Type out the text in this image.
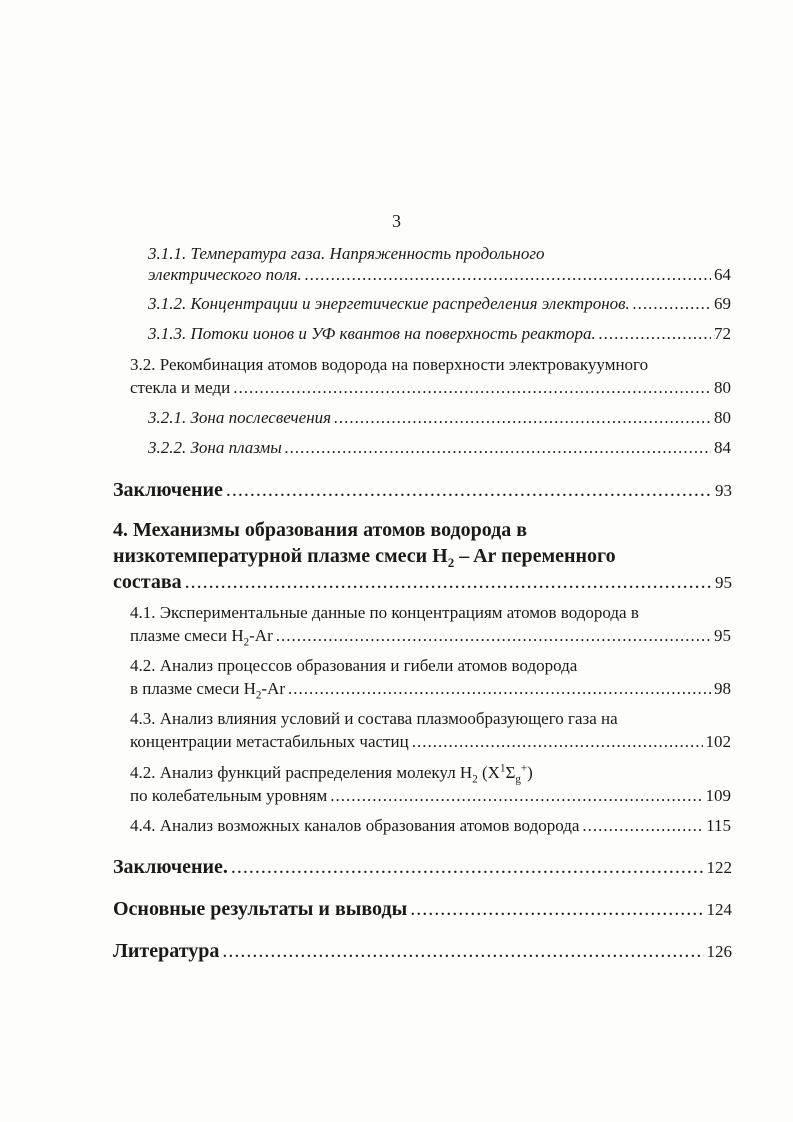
3
3.1.1. Температура газа. Напряженность продольного
электрического поля. .....	64
3.1.2. Концентрации и энергетические распределения электронов. .....	69
3.1.3. Потоки ионов и УФ квантов на поверхность реактора. .....	72
3.2. Рекомбинация атомов водорода на поверхности электровакуумного
стекла и меди .....	80
3.2.1. Зона послесвечения .....	80
3.2.2. Зона плазмы .....	84
Заключение .....	93
4. Механизмы образования атомов водорода в
низкотемпературной плазме смеси $H_2$ – Ar переменного
состава .....	95
4.1. Экспериментальные данные по концентрациям атомов водорода в
плазме смеси $H_2-Ar$ .....	95
4.2. Анализ процессов образования и гибели атомов водорода
в плазме смеси $H_2-Ar$ .....	98
4.3. Анализ влияния условий и состава плазмообразующего газа на
концентрации метастабильных частиц .....	102
4.2. Анализ функций распределения молекул $H_2$ $(X^1\Sigma_g^+)$
по колебательным уровням .....	109
4.4. Анализ возможных каналов образования атомов водорода .....	115
Заключение. .....	122
Основные результаты и выводы .....	124
Литература .....	126
